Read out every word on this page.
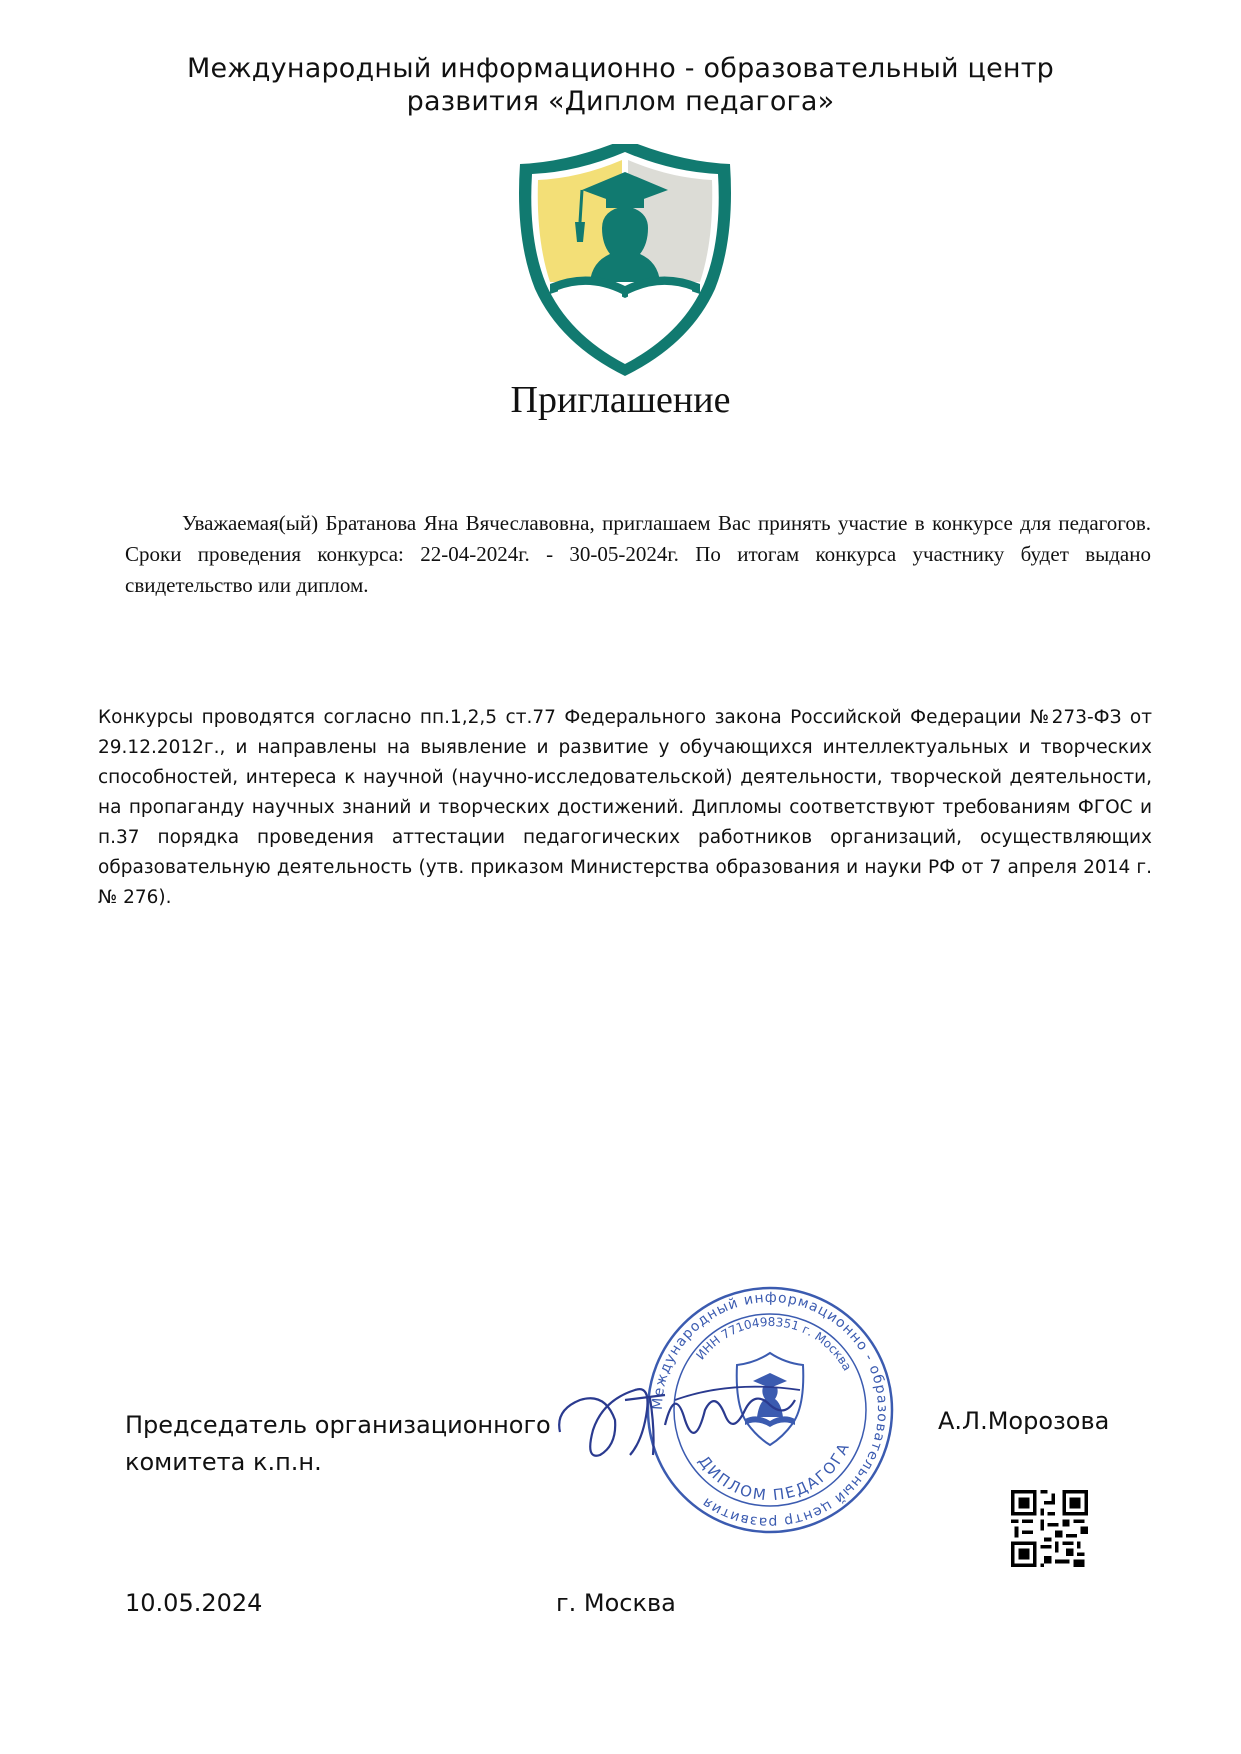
Международный информационно - образовательный центр
развития «Диплом педагога»
Приглашение
Уважаемая(ый) Братанова Яна Вячеславовна, приглашаем Вас принять участие в конкурсе для педагогов. Сроки проведения конкурса: 22-04-2024г. - 30-05-2024г. По итогам конкурса участнику будет выдано свидетельство или диплом.
Конкурсы проводятся согласно пп.1,2,5 ст.77 Федерального закона Российской Федерации №273-ФЗ от 29.12.2012г., и направлены на выявление и развитие у обучающихся интеллектуальных и творческих способностей, интереса к научной (научно-исследовательской) деятельности, творческой деятельности, на пропаганду научных знаний и творческих достижений. Дипломы соответствуют требованиям ФГОС и п.37 порядка проведения аттестации педагогических работников организаций, осуществляющих образовательную деятельность (утв. приказом Министерства образования и науки РФ от 7 апреля 2014 г. № 276).
Международный информационно - образовательный центр развития
ИНН 7710498351 г. Москва
ДИПЛОМ ПЕДАГОГА
Председатель организационного
комитета к.п.н.
А.Л.Морозова
10.05.2024	г. Москва
